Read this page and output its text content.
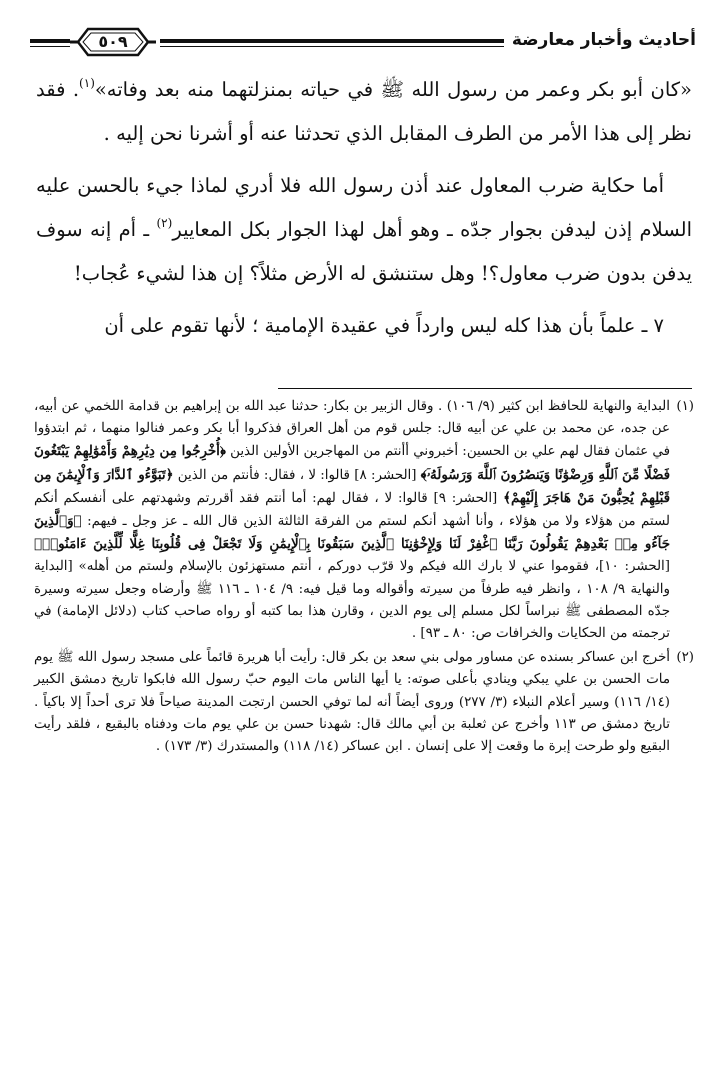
٥٠٩	أحاديث وأخبار معارضة

«كان أبو بكر وعمر من رسول الله ﷺ في حياته بمنزلتهما منه بعد وفاته»$^{(١)}$. فقد نظر إلى هذا الأمر من الطرف المقابل الذي تحدثنا عنه أو أشرنا نحن إليه .

أما حكاية ضرب المعاول عند أذن رسول الله فلا أدري لماذا جيء بالحسن عليه السلام إذن ليدفن بجوار جدّه ـ وهو أهل لهذا الجوار بكل المعايير$^{(٢)}$ ـ أم إنه سوف يدفن بدون ضرب معاول؟! وهل ستنشق له الأرض مثلاً؟ إن هذا لشيء عُجاب!

٧ ـ علماً بأن هذا كله ليس وارداً في عقيدة الإمامية ؛ لأنها تقوم على أن

(١)
البداية والنهاية للحافظ ابن كثير (٩/ ١٠٦) . وقال الزبير بن بكار: حدثنا عبد الله بن إبراهيم بن قدامة اللخمي عن أبيه، عن جده، عن محمد بن علي عن أبيه قال: جلس قوم من أهل العراق فذكروا أبا بكر وعمر فنالوا منهما ، ثم ابتدؤوا في عثمان فقال لهم علي بن الحسين: أخبروني أأنتم من المهاجرين الأولين الذين ﴿أُخْرِجُوا مِن دِيَٰرِهِمْ وَأَمْوَٰلِهِمْ يَبْتَغُونَ فَضْلًا مِّنَ ٱللَّهِ وَرِضْوَٰنًا وَيَنصُرُونَ ٱللَّهَ وَرَسُولَهُۥٓ﴾ [الحشر: ٨] قالوا: لا ، فقال: فأنتم من الذين ﴿تَبَوَّءُو ٱلدَّارَ وَٱلْإِيمَٰنَ مِن قَبْلِهِمْ يُحِبُّونَ مَنْ هَاجَرَ إِلَيْهِمْ﴾ [الحشر: ٩] قالوا: لا ، فقال لهم: أما أنتم فقد أقررتم وشهدتهم على أنفسكم أنكم لستم من هؤلاء ولا من هؤلاء ، وأنا أشهد أنكم لستم من الفرقة الثالثة الذين قال الله ـ عز وجل ـ فيهم: ﴿وَٱلَّذِينَ جَآءُو مِنۢ بَعْدِهِمْ يَقُولُونَ رَبَّنَا ٱغْفِرْ لَنَا وَلِإِخْوَٰنِنَا ٱلَّذِينَ سَبَقُونَا بِٱلْإِيمَٰنِ وَلَا تَجْعَلْ فِى قُلُوبِنَا غِلًّا لِّلَّذِينَ ءَامَنُوا۟﴾ [الحشر: ١٠]، فقوموا عني لا بارك الله فيكم ولا قرّب دوركم ، أنتم مستهزئون بالإسلام ولستم من أهله» [البداية والنهاية ٩/ ١٠٨ ، وانظر فيه طرفاً من سيرته وأقواله وما قيل فيه: ٩/ ١٠٤ ـ ١١٦ ﷺ وأرضاه وجعل سيرته وسيرة جدّه المصطفى ﷺ نبراساً لكل مسلم إلى يوم الدين ، وقارن هذا بما كتبه أو رواه صاحب كتاب (دلائل الإمامة) في ترجمته من الحكايات والخرافات ص: ٨٠ ـ ٩٣] .
(٢)
أخرج ابن عساكر بسنده عن مساور مولى بني سعد بن بكر قال: رأيت أبا هريرة قائماً على مسجد رسول الله ﷺ يوم مات الحسن بن علي يبكي وينادي بأعلى صوته: يا أيها الناس مات اليوم حبّ رسول الله فابكوا تاريخ دمشق الكبير (١٤/ ١١٦) وسير أعلام النبلاء (٣/ ٢٧٧) وروى أيضاً أنه لما توفي الحسن ارتجت المدينة صياحاً فلا ترى أحداً إلا باكياً . تاريخ دمشق ص ١١٣ وأخرج عن ثعلبة بن أبي مالك قال: شهدنا حسن بن علي يوم مات ودفناه بالبقيع ، فلقد رأيت البقيع ولو طرحت إبرة ما وقعت إلا على إنسان . ابن عساكر (١٤/ ١١٨) والمستدرك (٣/ ١٧٣) .
